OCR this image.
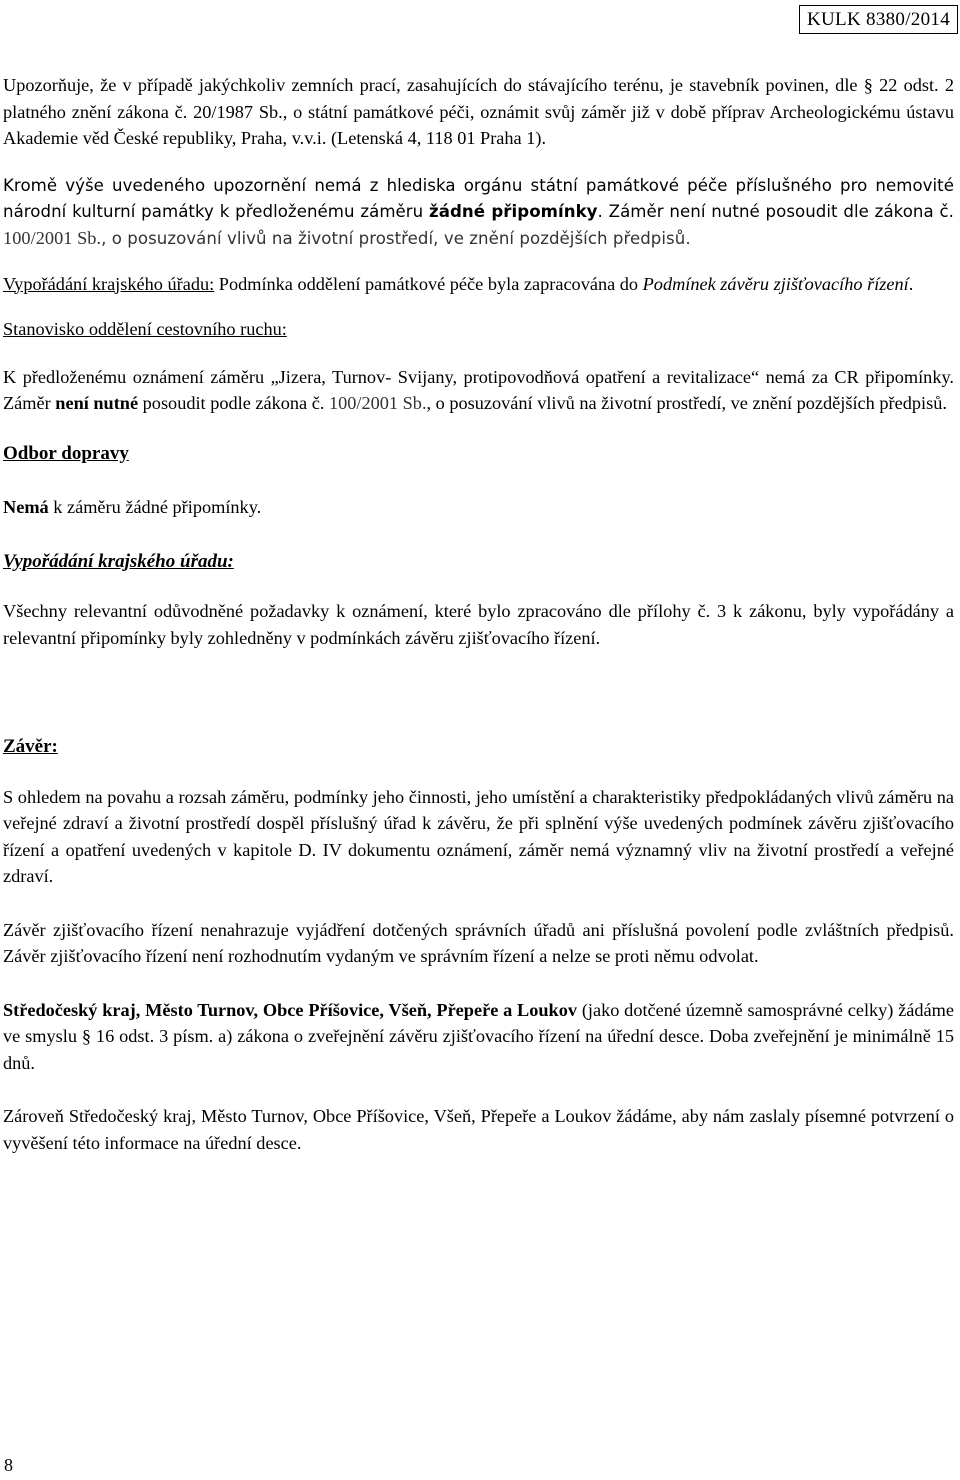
KULK 8380/2014

Upozorňuje, že v případě jakýchkoliv zemních prací, zasahujících do stávajícího terénu, je stavebník povinen, dle § 22 odst. 2 platného znění zákona č. 20/1987 Sb., o státní památkové péči, oznámit svůj záměr již v době příprav Archeologickému ústavu Akademie věd České republiky, Praha, v.v.i. (Letenská 4, 118 01 Praha 1).

Kromě výše uvedeného upozornění nemá z hlediska orgánu státní památkové péče příslušného pro nemovité národní kulturní památky k předloženému záměru žádné připomínky. Záměr není nutné posoudit dle zákona č. 100/2001 Sb., o posuzování vlivů na životní prostředí, ve znění pozdějších předpisů.

Vypořádání krajského úřadu: Podmínka oddělení památkové péče byla zapracována do Podmínek závěru zjišťovacího řízení.

Stanovisko oddělení cestovního ruchu:

K předloženému oznámení záměru „Jizera, Turnov- Svijany, protipovodňová opatření a revitalizace“ nemá za CR připomínky. Záměr není nutné posoudit podle zákona č. 100/2001 Sb., o posuzování vlivů na životní prostředí, ve znění pozdějších předpisů.

Odbor dopravy

Nemá k záměru žádné připomínky.

Vypořádání krajského úřadu:

Všechny relevantní odůvodněné požadavky k oznámení, které bylo zpracováno dle přílohy č. 3 k zákonu, byly vypořádány a relevantní připomínky byly zohledněny v podmínkách závěru zjišťovacího řízení.

Závěr:

S ohledem na povahu a rozsah záměru, podmínky jeho činnosti, jeho umístění a charakteristiky předpokládaných vlivů záměru na veřejné zdraví a životní prostředí dospěl příslušný úřad k závěru, že při splnění výše uvedených podmínek závěru zjišťovacího řízení a opatření uvedených v kapitole D. IV dokumentu oznámení, záměr nemá významný vliv na životní prostředí a veřejné zdraví.

Závěr zjišťovacího řízení nenahrazuje vyjádření dotčených správních úřadů ani příslušná povolení podle zvláštních předpisů. Závěr zjišťovacího řízení není rozhodnutím vydaným ve správním řízení a nelze se proti němu odvolat.

Středočeský kraj, Město Turnov, Obce Příšovice, Všeň, Přepeře a Loukov (jako dotčené územně samosprávné celky) žádáme ve smyslu § 16 odst. 3 písm. a) zákona o zveřejnění závěru zjišťovacího řízení na úřední desce. Doba zveřejnění je minimálně 15 dnů.

Zároveň Středočeský kraj, Město Turnov, Obce Příšovice, Všeň, Přepeře a Loukov žádáme, aby nám zaslaly písemné potvrzení o vyvěšení této informace na úřední desce.

8
